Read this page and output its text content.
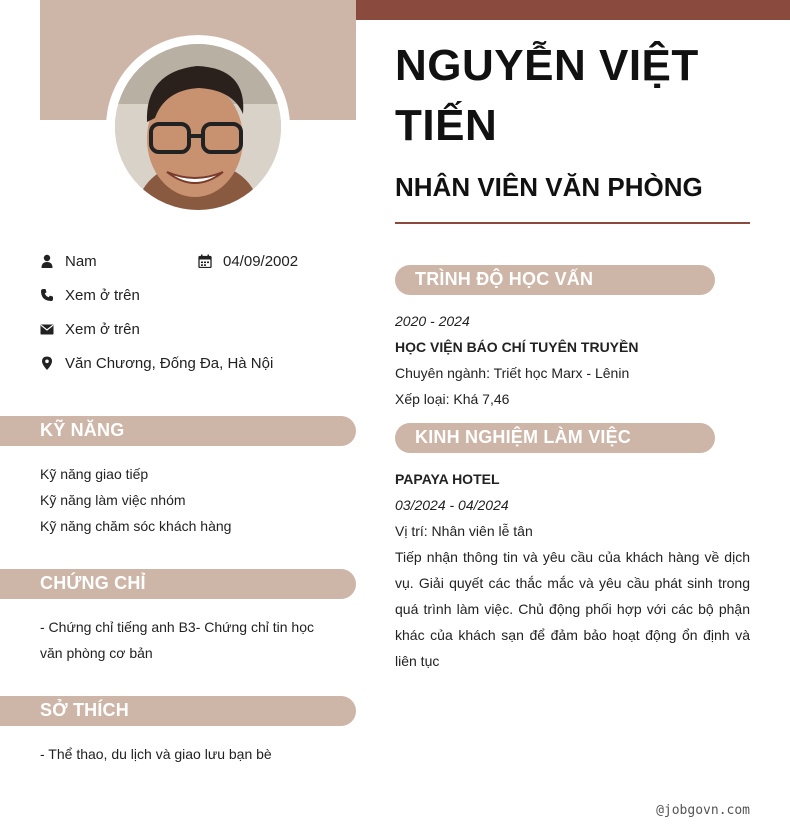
Nam	04/09/2002
Xem ở trên
Xem ở trên
Văn Chương, Đống Đa, Hà Nội
KỸ NĂNG
Kỹ năng giao tiếp
Kỹ năng làm việc nhóm
Kỹ năng chăm sóc khách hàng
CHỨNG CHỈ
- Chứng chỉ tiếng anh B3- Chứng chỉ tin học văn phòng cơ bản
SỞ THÍCH
- Thể thao, du lịch và giao lưu bạn bè
NGUYỄN VIỆT TIẾN
NHÂN VIÊN VĂN PHÒNG
TRÌNH ĐỘ HỌC VẤN
2020 - 2024
HỌC VIỆN BÁO CHÍ TUYÊN TRUYỀN
Chuyên ngành: Triết học Marx - Lênin
Xếp loại: Khá 7,46
KINH NGHIỆM LÀM VIỆC
PAPAYA HOTEL
03/2024 - 04/2024
Vị trí: Nhân viên lễ tân
Tiếp nhận thông tin và yêu cầu của khách hàng về dịch vụ. Giải quyết các thắc mắc và yêu cầu phát sinh trong quá trình làm việc. Chủ động phối hợp với các bộ phận khác của khách sạn để đảm bảo hoạt động ổn định và liên tục
@jobgovn.com
